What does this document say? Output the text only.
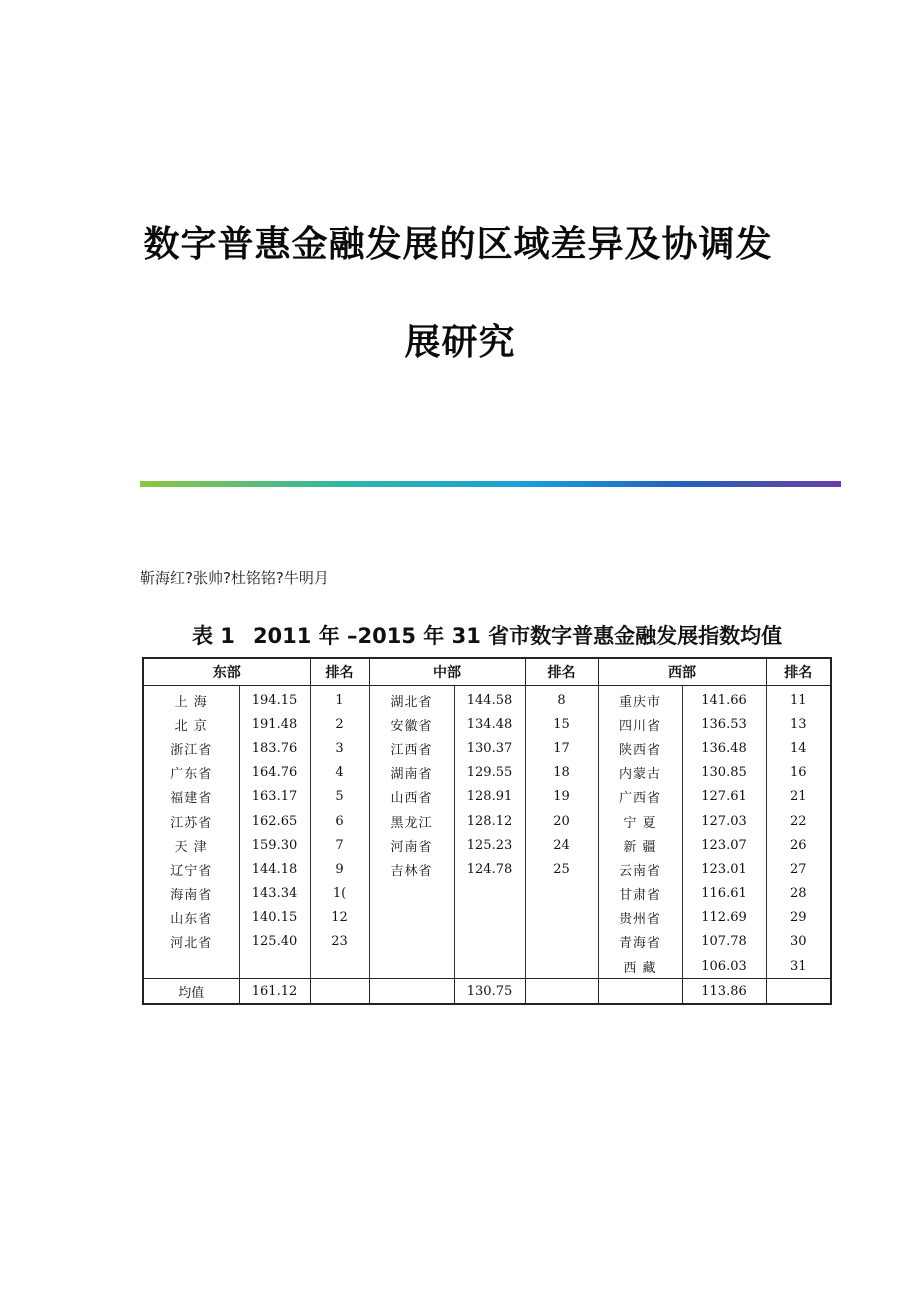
数字普惠金融发展的区域差异及协调发
展研究
靳海红?张帅?杜铭铭?牛明月
表 1 2011 年 –2015 年 31 省市数字普惠金融发展指数均值
东部		排名	中部		排名	西部		排名
上 海	194.15	1	湖北省	144.58	8	重庆市	141.66	11
北 京	191.48	2	安徽省	134.48	15	四川省	136.53	13
浙江省	183.76	3	江西省	130.37	17	陕西省	136.48	14
广东省	164.76	4	湖南省	129.55	18	内蒙古	130.85	16
福建省	163.17	5	山西省	128.91	19	广西省	127.61	21
江苏省	162.65	6	黑龙江	128.12	20	宁 夏	127.03	22
天 津	159.30	7	河南省	125.23	24	新 疆	123.07	26
辽宁省	144.18	9	吉林省	124.78	25	云南省	123.01	27
海南省	143.34	1(				甘肃省	116.61	28
山东省	140.15	12				贵州省	112.69	29
河北省	125.40	23				青海省	107.78	30
						西 藏	106.03	31
均值	161.12			130.75			113.86	
